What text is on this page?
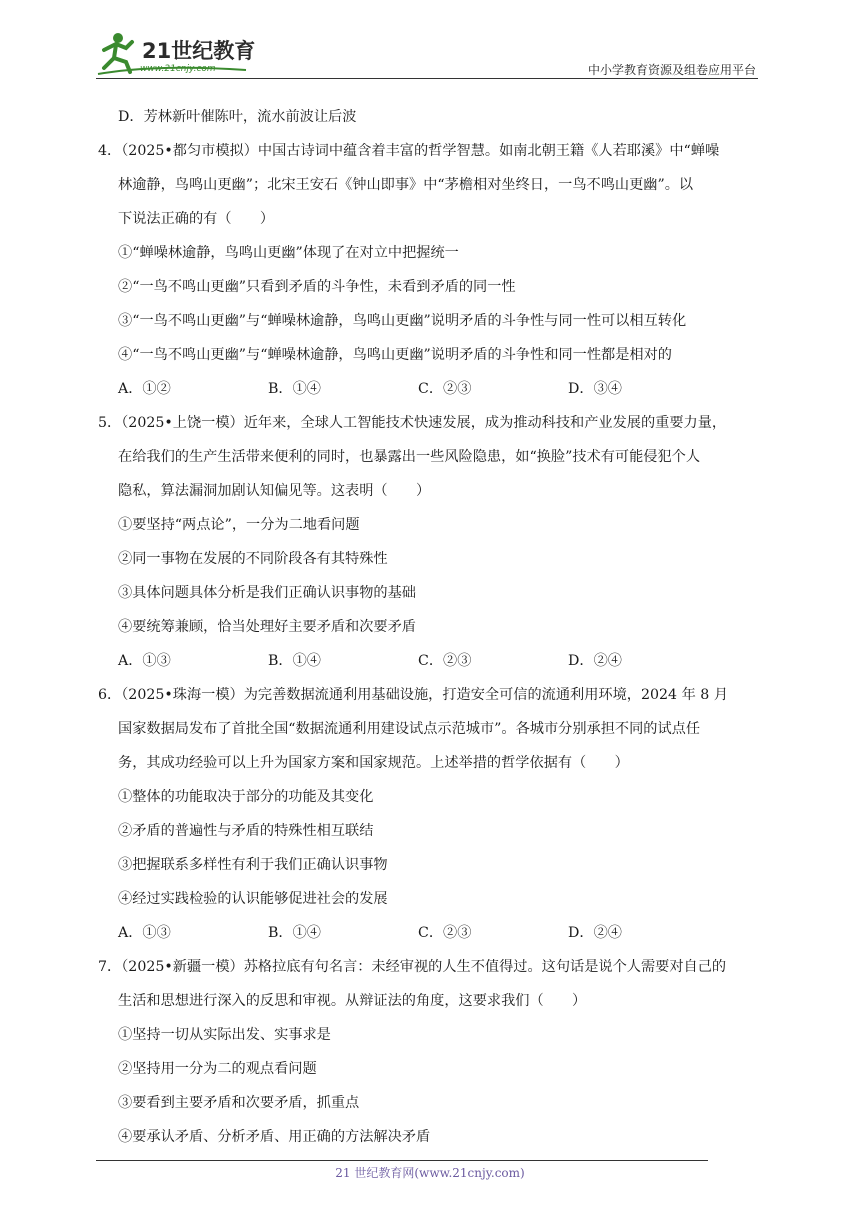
21世纪教育
www.21cnjy.com	中小学教育资源及组卷应用平台
D．芳林新叶催陈叶，流水前波让后波
4．（2025•都匀市模拟）中国古诗词中蕴含着丰富的哲学智慧。如南北朝王籍《人若耶溪》中“蝉噪
林逾静，鸟鸣山更幽”；北宋王安石《钟山即事》中“茅檐相对坐终日，一鸟不鸣山更幽”。以
下说法正确的有（　　）
①“蝉噪林逾静，鸟鸣山更幽”体现了在对立中把握统一
②“一鸟不鸣山更幽”只看到矛盾的斗争性，未看到矛盾的同一性
③“一鸟不鸣山更幽”与“蝉噪林逾静，鸟鸣山更幽”说明矛盾的斗争性与同一性可以相互转化
④“一鸟不鸣山更幽”与“蝉噪林逾静，鸟鸣山更幽”说明矛盾的斗争性和同一性都是相对的
A．①②	B．①④	C．②③	D．③④
5．（2025•上饶一模）近年来，全球人工智能技术快速发展，成为推动科技和产业发展的重要力量，
在给我们的生产生活带来便利的同时，也暴露出一些风险隐患，如“换脸”技术有可能侵犯个人
隐私，算法漏洞加剧认知偏见等。这表明（　　）
①要坚持“两点论”，一分为二地看问题
②同一事物在发展的不同阶段各有其特殊性
③具体问题具体分析是我们正确认识事物的基础
④要统筹兼顾，恰当处理好主要矛盾和次要矛盾
A．①③	B．①④	C．②③	D．②④
6．（2025•珠海一模）为完善数据流通利用基础设施，打造安全可信的流通利用环境，2024 年 8 月
国家数据局发布了首批全国“数据流通利用建设试点示范城市”。各城市分别承担不同的试点任
务，其成功经验可以上升为国家方案和国家规范。上述举措的哲学依据有（　　）
①整体的功能取决于部分的功能及其变化
②矛盾的普遍性与矛盾的特殊性相互联结
③把握联系多样性有利于我们正确认识事物
④经过实践检验的认识能够促进社会的发展
A．①③	B．①④	C．②③	D．②④
7．（2025•新疆一模）苏格拉底有句名言：未经审视的人生不值得过。这句话是说个人需要对自己的
生活和思想进行深入的反思和审视。从辩证法的角度，这要求我们（　　）
①坚持一切从实际出发、实事求是
②坚持用一分为二的观点看问题
③要看到主要矛盾和次要矛盾，抓重点
④要承认矛盾、分析矛盾、用正确的方法解决矛盾
21 世纪教育网(www.21cnjy.com)
